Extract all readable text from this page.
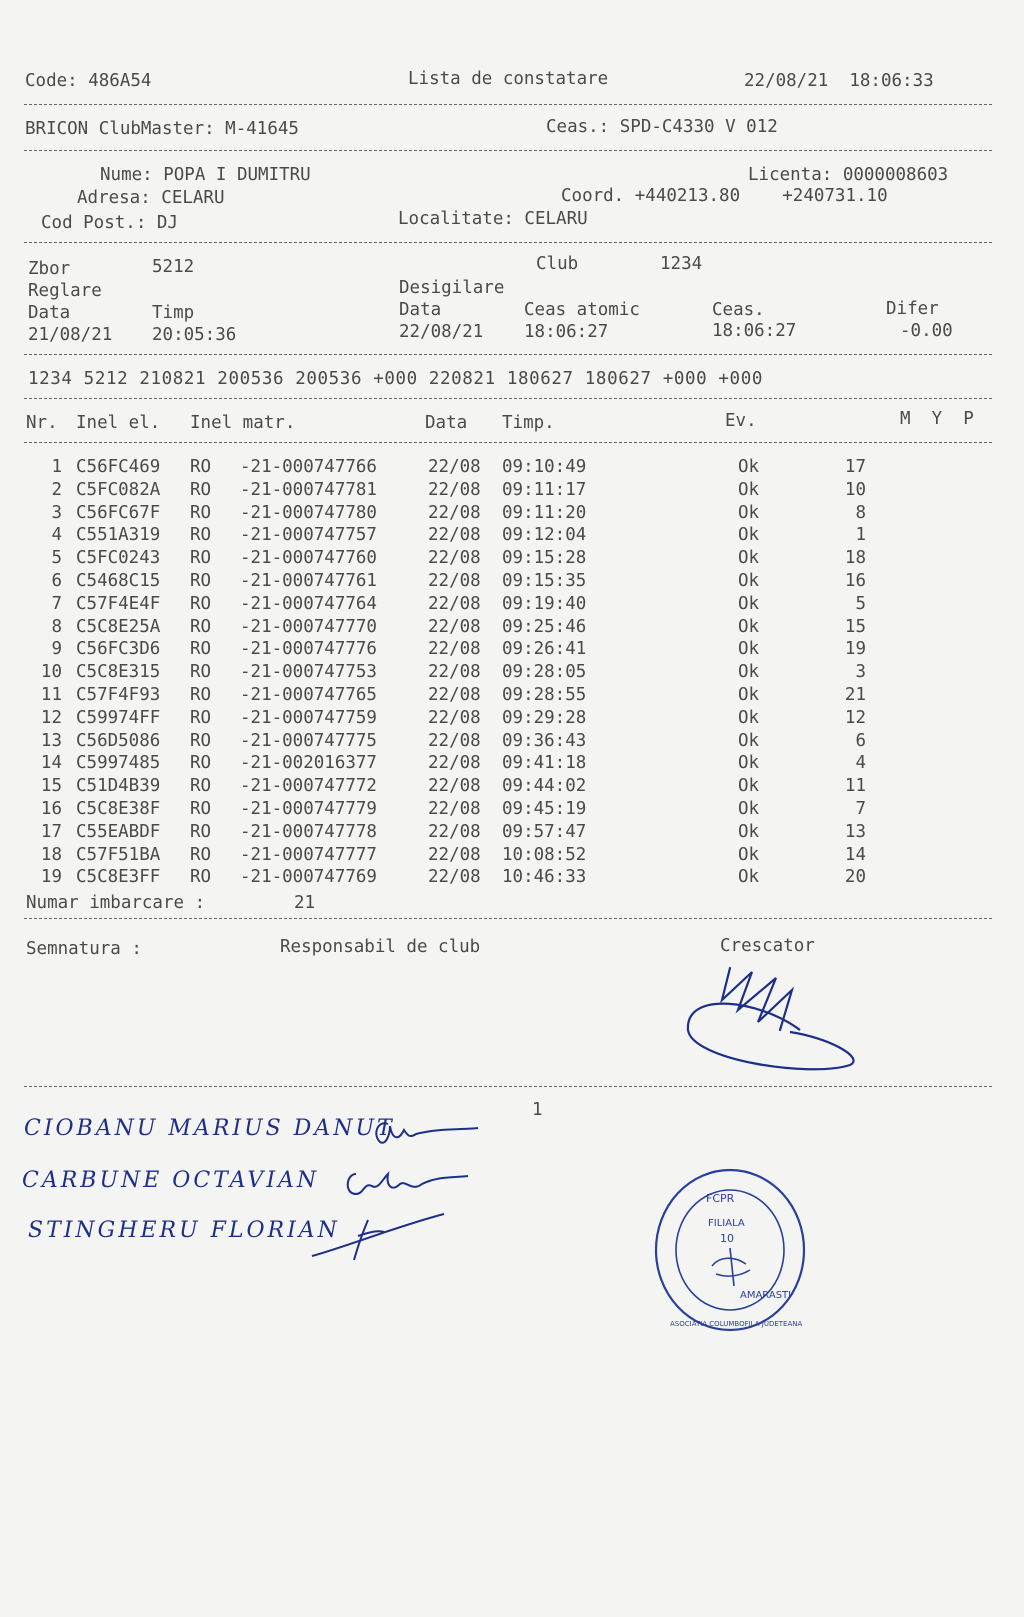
Code: 486A54	Lista de constatare	22/08/21  18:06:33
BRICON ClubMaster: M-41645	Ceas.: SPD-C4330 V 012
Nume: POPA I DUMITRU	Licenta: 0000008603
Adresa: CELARU	Coord. +440213.80    +240731.10
Cod Post.: DJ	Localitate: CELARU
Zbor	5212	Club	1234
Reglare	Desigilare
Data	Timp	Data	Ceas atomic	Ceas.	Difer
21/08/21 20:05:36	22/08/21 18:06:27	18:06:27	-0.00
1234 5212 210821 200536 200536 +000 220821 180627 180627 +000 +000
Nr. Inel el. Inel matr.	Data Timp.	Ev.	M  Y  P
1 C56FC469 RO -21-000747766	22/08 09:10:49	Ok	17
2 C5FC082A RO -21-000747781	22/08 09:11:17	Ok	10
3 C56FC67F RO -21-000747780	22/08 09:11:20	Ok	8
4 C551A319 RO -21-000747757	22/08 09:12:04	Ok	1
5 C5FC0243 RO -21-000747760	22/08 09:15:28	Ok	18
6 C5468C15 RO -21-000747761	22/08 09:15:35	Ok	16
7 C57F4E4F RO -21-000747764	22/08 09:19:40	Ok	5
8 C5C8E25A RO -21-000747770	22/08 09:25:46	Ok	15
9 C56FC3D6 RO -21-000747776	22/08 09:26:41	Ok	19
10 C5C8E315 RO -21-000747753	22/08 09:28:05	Ok	3
11 C57F4F93 RO -21-000747765	22/08 09:28:55	Ok	21
12 C59974FF RO -21-000747759	22/08 09:29:28	Ok	12
13 C56D5086 RO -21-000747775	22/08 09:36:43	Ok	6
14 C5997485 RO -21-002016377	22/08 09:41:18	Ok	4
15 C51D4B39 RO -21-000747772	22/08 09:44:02	Ok	11
16 C5C8E38F RO -21-000747779	22/08 09:45:19	Ok	7
17 C55EABDF RO -21-000747778	22/08 09:57:47	Ok	13
18 C57F51BA RO -21-000747777	22/08 10:08:52	Ok	14
19 C5C8E3FF RO -21-000747769	22/08 10:46:33	Ok	20
Numar imbarcare :	21
Semnatura :	Responsabil de club	Crescator
1
CIOBANU MARIUS DANUT
CARBUNE OCTAVIAN
STINGHERU FLORIAN
FCPR
FILIALA
10
AMARASTI
ASOCIATIA COLUMBOFILA JUDETEANA
